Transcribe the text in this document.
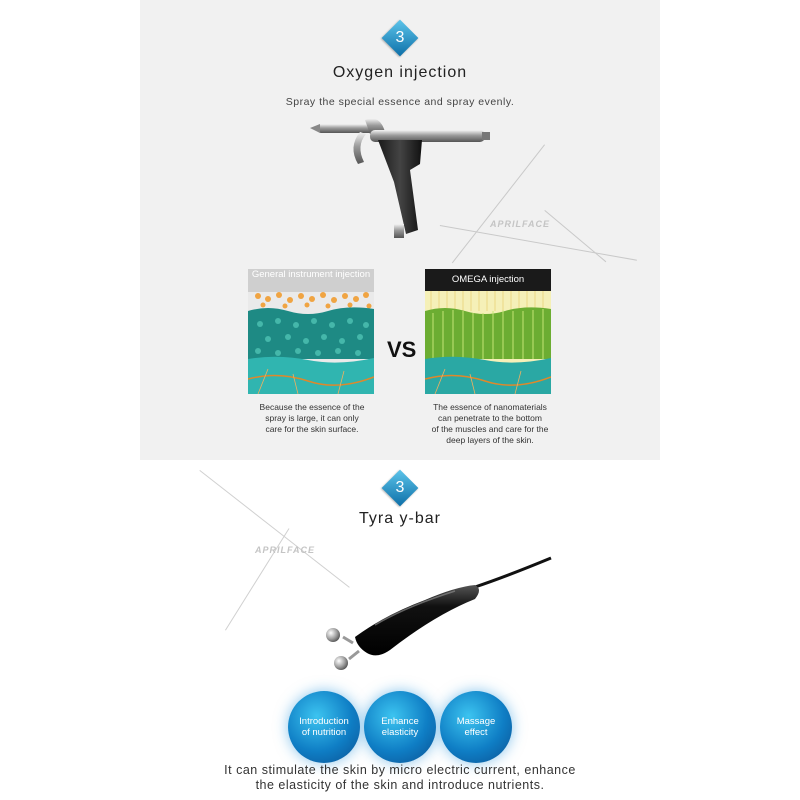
3
Oxygen injection
Spray the special essence and spray evenly.
APRILFACE
General instrument injection
VS
OMEGA injection
Because the essence of the
spray is large, it can only
care for the skin surface.
The essence of nanomaterials
can penetrate to the bottom
of the muscles and care for the
deep layers of the skin.
3
Tyra y-bar
APRILFACE
Introduction
of nutrition
Enhance
elasticity
Massage
effect
It can stimulate the skin by micro electric current, enhance
the elasticity of the skin and introduce nutrients.
